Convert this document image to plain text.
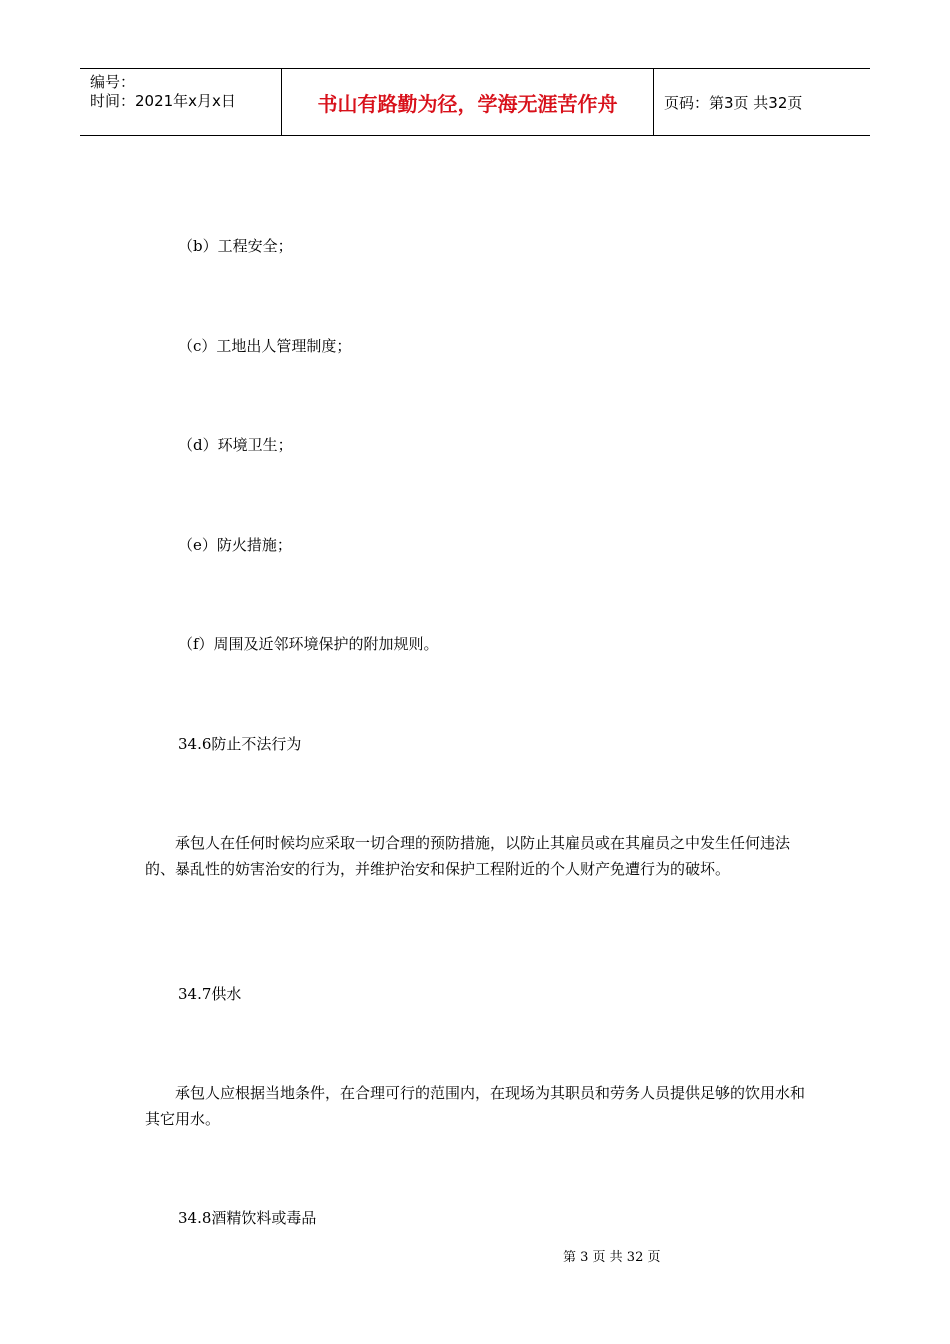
编号：
时间：2021年x月x日	书山有路勤为径，学海无涯苦作舟	页码：第3页 共32页
（b）工程安全；
（c）工地出人管理制度；
（d）环境卫生；
（e）防火措施；
（f）周围及近邻环境保护的附加规则。
34.6防止不法行为
承包人在任何时候均应采取一切合理的预防措施，以防止其雇员或在其雇员之中发生任何违法的、暴乱性的妨害治安的行为，并维护治安和保护工程附近的个人财产免遭行为的破坏。
34.7供水
承包人应根据当地条件，在合理可行的范围内，在现场为其职员和劳务人员提供足够的饮用水和其它用水。
34.8酒精饮料或毒品
第 3 页 共 32 页
